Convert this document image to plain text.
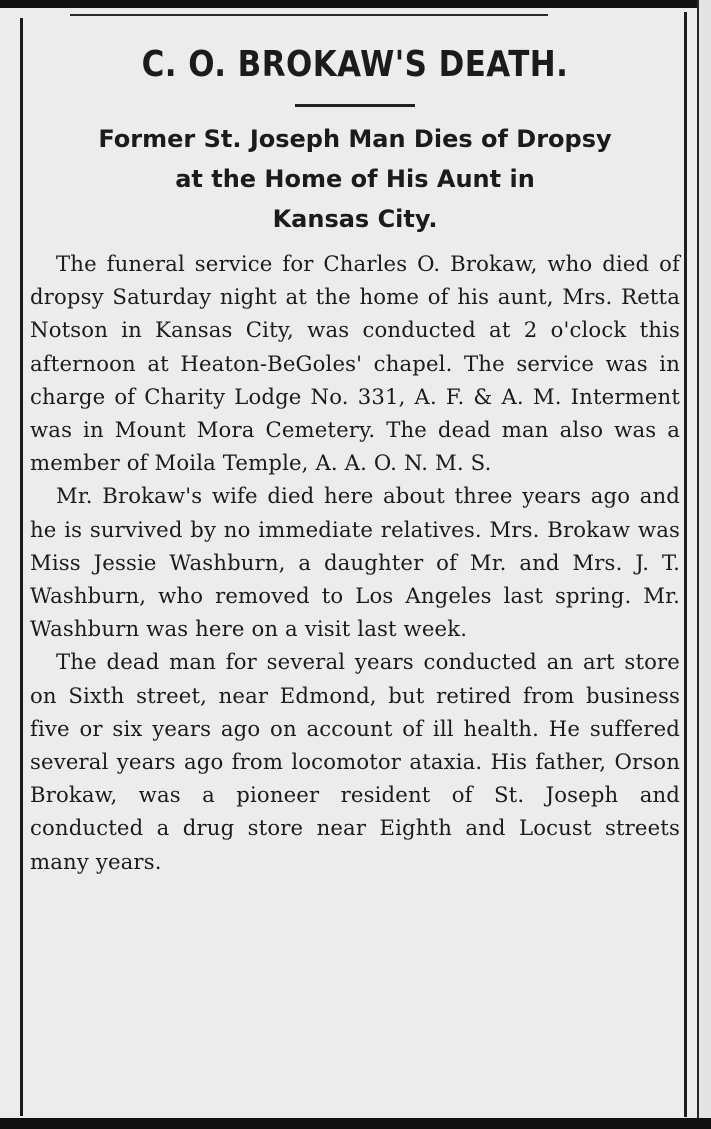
C. O. BROKAW'S DEATH.

Former St. Joseph Man Dies of Dropsy

at the Home of His Aunt in

Kansas City.

The funeral service for Charles O. Brokaw, who died of dropsy Saturday night at the home of his aunt, Mrs. Retta Notson in Kansas City, was conducted at 2 o'clock this afternoon at Heaton-BeGoles' chapel. The service was in charge of Charity Lodge No. 331, A. F. & A. M. Interment was in Mount Mora Cemetery. The dead man also was a member of Moila Temple, A. A. O. N. M. S.

Mr. Brokaw's wife died here about three years ago and he is survived by no immediate relatives. Mrs. Brokaw was Miss Jessie Washburn, a daughter of Mr. and Mrs. J. T. Washburn, who removed to Los Angeles last spring. Mr. Washburn was here on a visit last week.

The dead man for several years conducted an art store on Sixth street, near Edmond, but retired from business five or six years ago on account of ill health. He suffered several years ago from locomotor ataxia. His father, Orson Brokaw, was a pioneer resident of St. Joseph and conducted a drug store near Eighth and Locust streets many years.
